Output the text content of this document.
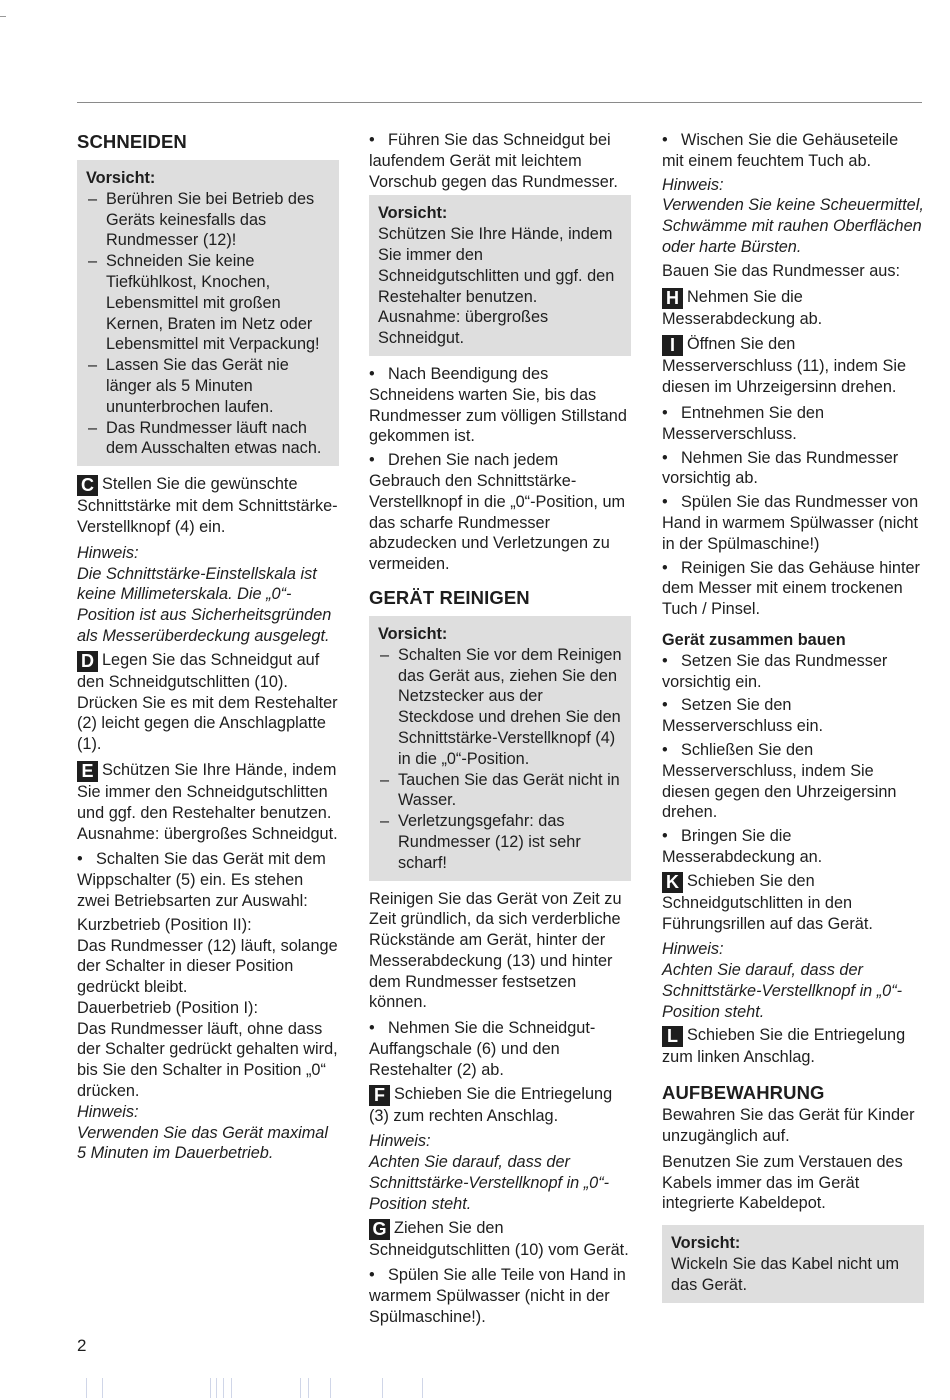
SCHNEIDEN
Vorsicht:
– Berühren Sie bei Betrieb des Geräts keinesfalls das Rundmesser (12)!
– Schneiden Sie keine Tiefkühlkost, Knochen, Lebensmittel mit großen Kernen, Braten im Netz oder Lebensmittel mit Verpackung!
– Lassen Sie das Gerät nie länger als 5 Minuten ununterbrochen laufen.
– Das Rundmesser läuft nach dem Ausschalten etwas nach.
C Stellen Sie die gewünschte Schnittstärke mit dem Schnittstärke-Verstellknopf (4) ein.
Hinweis:
Die Schnittstärke-Einstellskala ist keine Millimeterskala. Die „0“-Position ist aus Sicherheitsgründen als Messerüberdeckung ausgelegt.
D Legen Sie das Schneidgut auf den Schneidgutschlitten (10). Drücken Sie es mit dem Restehalter (2) leicht gegen die Anschlagplatte (1).
E Schützen Sie Ihre Hände, indem Sie immer den Schneidgutschlitten und ggf. den Restehalter benutzen. Ausnahme: übergroßes Schneidgut.
• Schalten Sie das Gerät mit dem Wippschalter (5) ein. Es stehen zwei Betriebsarten zur Auswahl:
Kurzbetrieb (Position II):
Das Rundmesser (12) läuft, solange der Schalter in dieser Position gedrückt bleibt.
Dauerbetrieb (Position I):
Das Rundmesser läuft, ohne dass der Schalter gedrückt gehalten wird, bis Sie den Schalter in Position „0“ drücken.
Hinweis:
Verwenden Sie das Gerät maximal 5 Minuten im Dauerbetrieb.
• Führen Sie das Schneidgut bei laufendem Gerät mit leichtem Vorschub gegen das Rundmesser.
Vorsicht:
Schützen Sie Ihre Hände, indem Sie immer den Schneidgutschlitten und ggf. den Restehalter benutzen. Ausnahme: übergroßes Schneidgut.
• Nach Beendigung des Schneidens warten Sie, bis das Rundmesser zum völligen Stillstand gekommen ist.
• Drehen Sie nach jedem Gebrauch den Schnittstärke-Verstellknopf in die „0“-Position, um das scharfe Rundmesser abzudecken und Verletzungen zu vermeiden.
GERÄT REINIGEN
Vorsicht:
– Schalten Sie vor dem Reinigen das Gerät aus, ziehen Sie den Netzstecker aus der Steckdose und drehen Sie den Schnittstärke-Verstellknopf (4) in die „0“-Position.
– Tauchen Sie das Gerät nicht in Wasser.
– Verletzungsgefahr: das Rundmesser (12) ist sehr scharf!

Reinigen Sie das Gerät von Zeit zu Zeit gründlich, da sich verderbliche Rückstände am Gerät, hinter der Messerabdeckung (13) und hinter dem Rundmesser festsetzen können.

• Nehmen Sie die Schneidgut-Auffangschale (6) und den Restehalter (2) ab.
F Schieben Sie die Entriegelung (3) zum rechten Anschlag.
Hinweis:
Achten Sie darauf, dass der Schnittstärke-Verstellknopf in „0“- Position steht.
G Ziehen Sie den Schneidgutschlitten (10) vom Gerät.
• Spülen Sie alle Teile von Hand in warmem Spülwasser (nicht in der Spülmaschine!).
• Wischen Sie die Gehäuseteile mit einem feuchtem Tuch ab.
Hinweis:
Verwenden Sie keine Scheuermittel, Schwämme mit rauhen Oberflächen oder harte Bürsten.

Bauen Sie das Rundmesser aus:

H Nehmen Sie die Messerabdeckung ab.
I Öffnen Sie den Messerverschluss (11), indem Sie diesen im Uhrzeigersinn drehen.
• Entnehmen Sie den Messerverschluss.
• Nehmen Sie das Rundmesser vorsichtig ab.
• Spülen Sie das Rundmesser von Hand in warmem Spülwasser (nicht in der Spülmaschine!)
• Reinigen Sie das Gehäuse hinter dem Messer mit einem trockenen Tuch / Pinsel.
Gerät zusammen bauen
• Setzen Sie das Rundmesser vorsichtig ein.
• Setzen Sie den Messerverschluss ein.
• Schließen Sie den Messerverschluss, indem Sie diesen gegen den Uhrzeigersinn drehen.
• Bringen Sie die Messerabdeckung an.
K Schieben Sie den Schneidgutschlitten in den Führungsrillen auf das Gerät.
Hinweis:
Achten Sie darauf, dass der Schnittstärke-Verstellknopf in „0“- Position steht.
L Schieben Sie die Entriegelung zum linken Anschlag.
AUFBEWAHRUNG

Bewahren Sie das Gerät für Kinder unzugänglich auf.

Benutzen Sie zum Verstauen des Kabels immer das im Gerät integrierte Kabeldepot.

Vorsicht:
Wickeln Sie das Kabel nicht um das Gerät.
2
